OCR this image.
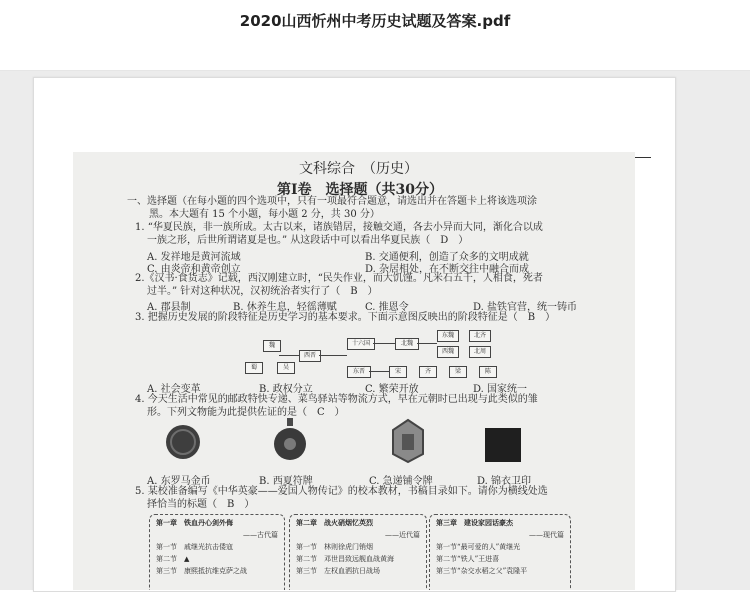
2020山西忻州中考历史试题及答案.pdf
文科综合　（历史）
第Ⅰ卷　选择题（共30分）
一、选择题（在每小题的四个选项中，只有一项最符合题意，请选出并在答题卡上将该选项涂
黑。本大题有 15 个小题，每小题 2 分，共 30 分）
1. “华夏民族，非一族所成。太古以来，诸族错居，接触交通，各去小异而大同，渐化合以成
一族之形，后世所谓诸夏是也。” 从这段话中可以看出华夏民族（　D　）
A. 发祥地是黄河流域	B. 交通便利，创造了众多的文明成就
C. 由炎帝和黄帝创立	D. 杂居相处，在不断交往中融合而成
2.《汉书·食货志》记载，西汉刚建立时，“民失作业，而大饥馑。凡米石五千，人相食，死者
过半。” 针对这种状况，汉初统治者实行了（　B　）
A. 郡县制	B. 休养生息，轻徭薄赋	C. 推恩令	D. 盐铁官营，统一铸币
3. 把握历史发展的阶段特征是历史学习的基本要求。下面示意图反映出的阶段特征是（　B　）
魏
蜀	吴
西晋
十六国	北魏
东魏	北齐
西魏	北周
东晋	宋	齐	梁	陈
A. 社会变革	B. 政权分立	C. 繁荣开放	D. 国家统一
4. 今天生活中常见的邮政特快专递、菜鸟驿站等物流方式，早在元朝时已出现与此类似的雏
形。下列文物能为此提供佐证的是（　C　）
A. 东罗马金币	B. 西夏符牌	C. 急递铺令牌	D. 锦衣卫印
5. 某校准备编写《中华英豪——爱国人物传记》的校本教材，书稿目录如下。请你为横线处选
择恰当的标题（　B　）
第一章　铁血丹心剑外侮
——古代篇
第一节　戚继光抗击倭寇
第二节　▲
第三节　康熙抵抗维克萨之战
第二章　战火硝烟忆英烈
——近代篇
第一节　林则徐虎门销烟
第二节　邓世昌致远舰血战黄海
第三节　左权血洒抗日战场
第三章　建设家园话豪杰
——现代篇
第一节“最可爱的人”黄继光
第二节“铁人”王进喜
第三节“杂交水稻之父”袁隆平
